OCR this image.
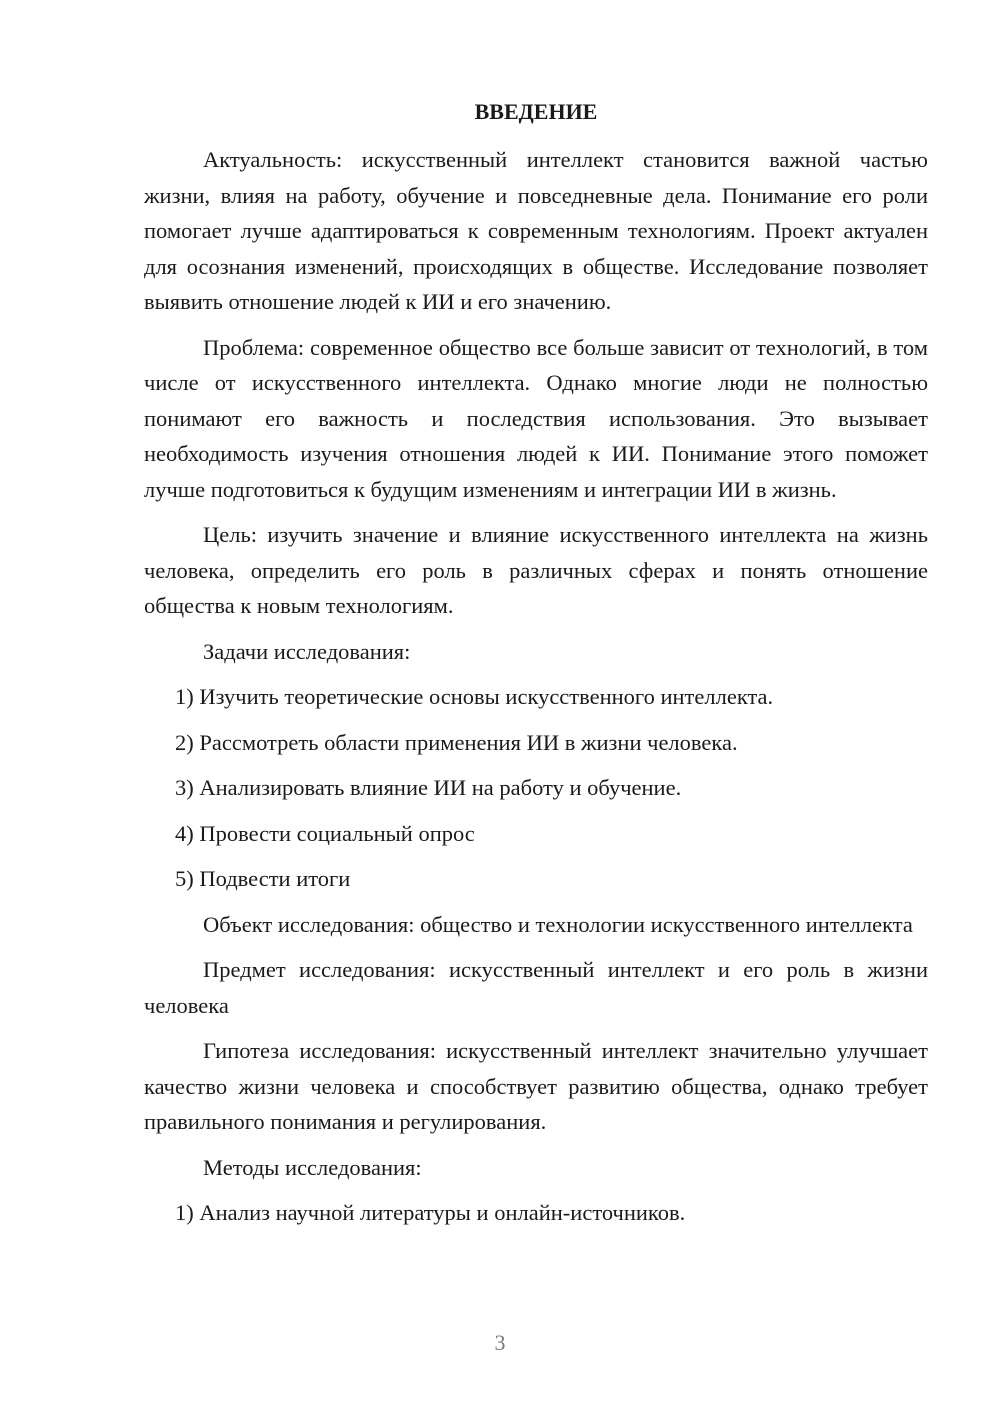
ВВЕДЕНИЕ

Актуальность: искусственный интеллект становится важной частью жизни, влияя на работу, обучение и повседневные дела. Понимание его роли помогает лучше адаптироваться к современным технологиям. Проект актуален для осознания изменений, происходящих в обществе. Исследование позволяет выявить отношение людей к ИИ и его значению.

Проблема: современное общество все больше зависит от технологий, в том числе от искусственного интеллекта. Однако многие люди не полностью понимают его важность и последствия использования. Это вызывает необходимость изучения отношения людей к ИИ. Понимание этого поможет лучше подготовиться к будущим изменениям и интеграции ИИ в жизнь.

Цель: изучить значение и влияние искусственного интеллекта на жизнь человека, определить его роль в различных сферах и понять отношение общества к новым технологиям.

Задачи исследования:

1) Изучить теоретические основы искусственного интеллекта.
2) Рассмотреть области применения ИИ в жизни человека.
3) Анализировать влияние ИИ на работу и обучение.
4) Провести социальный опрос
5) Подвести итоги

Объект исследования: общество и технологии искусственного интеллекта

Предмет исследования: искусственный интеллект и его роль в жизни человека

Гипотеза исследования: искусственный интеллект значительно улучшает качество жизни человека и способствует развитию общества, однако требует правильного понимания и регулирования.

Методы исследования:

1) Анализ научной литературы и онлайн-источников.
3
